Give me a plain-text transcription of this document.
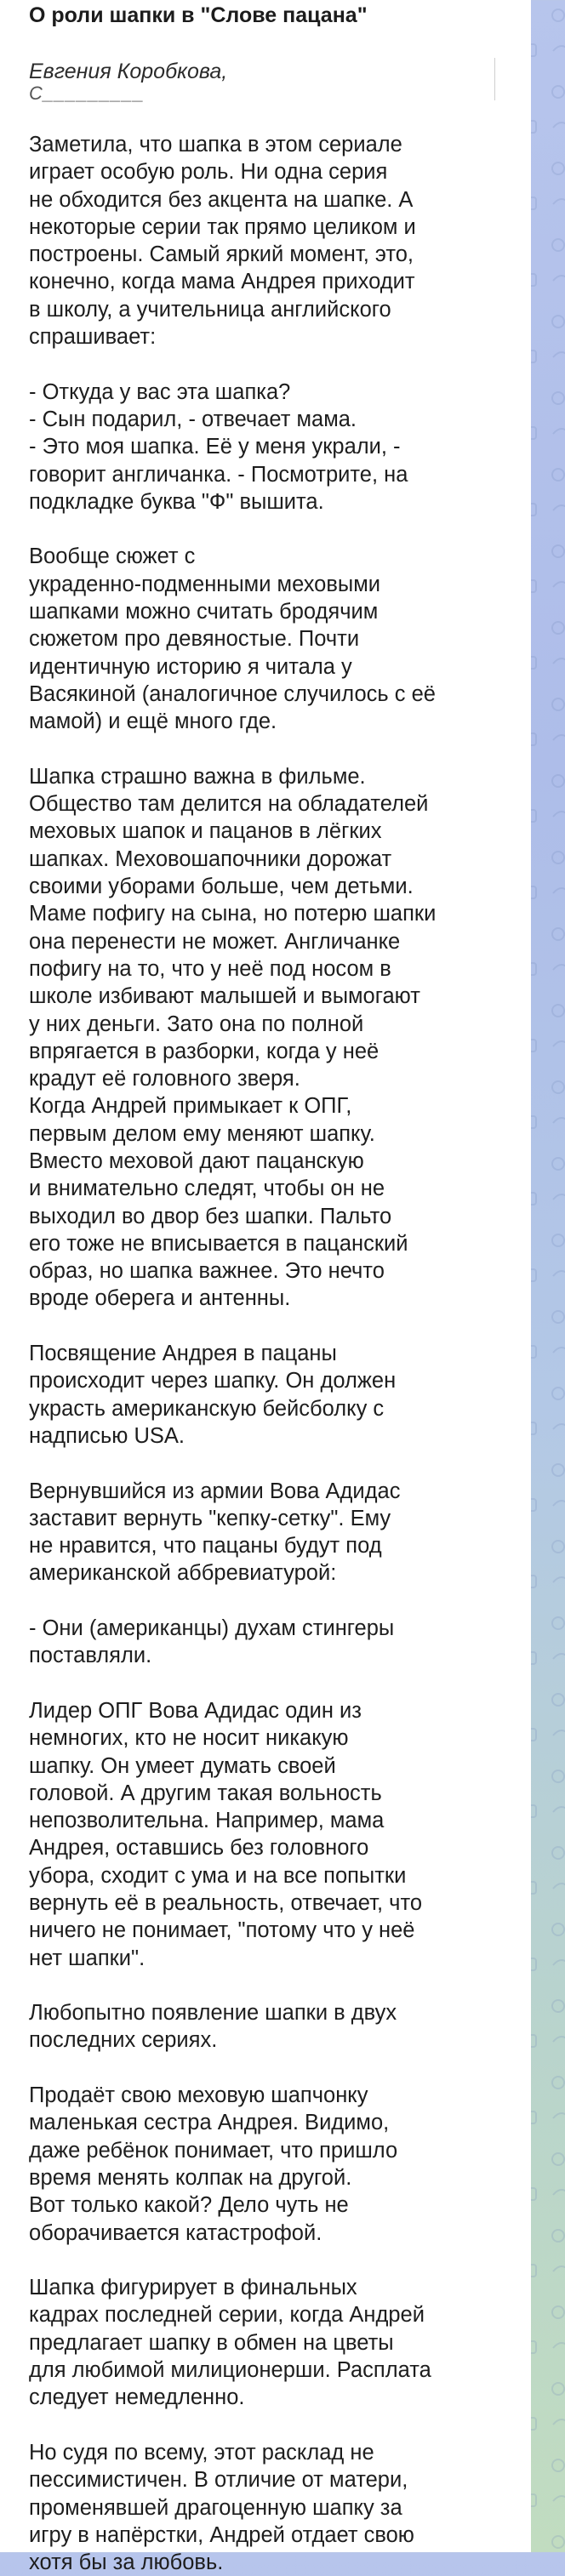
О роли шапки в "Слове пацана"
Евгения Коробкова,
С_________

Заметила, что шапка в этом сериале
играет особую роль. Ни одна серия
не обходится без акцента на шапке. А
некоторые серии так прямо целиком и
построены. Самый яркий момент, это,
конечно, когда мама Андрея приходит
в школу, а учительница английского
спрашивает:

- Откуда у вас эта шапка?
- Сын подарил, - отвечает мама.
- Это моя шапка. Её у меня украли, -
говорит англичанка. - Посмотрите, на
подкладке буква "Ф" вышита.

Вообще сюжет с
украденно-подменными меховыми
шапками можно считать бродячим
сюжетом про девяностые. Почти
идентичную историю я читала у
Васякиной (аналогичное случилось с её
мамой) и ещё много где.

Шапка страшно важна в фильме.
Общество там делится на обладателей
меховых шапок и пацанов в лёгких
шапках. Меховошапочники дорожат
своими уборами больше, чем детьми.
Маме пофигу на сына, но потерю шапки
она перенести не может. Англичанке
пофигу на то, что у неё под носом в
школе избивают малышей и вымогают
у них деньги. Зато она по полной
впрягается в разборки, когда у неё
крадут её головного зверя.
Когда Андрей примыкает к ОПГ,
первым делом ему меняют шапку.
Вместо меховой дают пацанскую
и внимательно следят, чтобы он не
выходил во двор без шапки. Пальто
его тоже не вписывается в пацанский
образ, но шапка важнее. Это нечто
вроде оберега и антенны.

Посвящение Андрея в пацаны
происходит через шапку. Он должен
украсть американскую бейсболку с
надписью USA.

Вернувшийся из армии Вова Адидас
заставит вернуть "кепку-сетку". Ему
не нравится, что пацаны будут под
американской аббревиатурой:

- Они (американцы) духам стингеры
поставляли.

Лидер ОПГ Вова Адидас один из
немногих, кто не носит никакую
шапку. Он умеет думать своей
головой. А другим такая вольность
непозволительна. Например, мама
Андрея, оставшись без головного
убора, сходит с ума и на все попытки
вернуть её в реальность, отвечает, что
ничего не понимает, "потому что у неё
нет шапки".

Любопытно появление шапки в двух
последних сериях.

Продаёт свою меховую шапчонку
маленькая сестра Андрея. Видимо,
даже ребёнок понимает, что пришло
время менять колпак на другой.
Вот только какой? Дело чуть не
оборачивается катастрофой.

Шапка фигурирует в финальных
кадрах последней серии, когда Андрей
предлагает шапку в обмен на цветы
для любимой милиционерши. Расплата
следует немедленно.

Но судя по всему, этот расклад не
пессимистичен. В отличие от матери,
променявшей драгоценную шапку за
игру в напёрстки, Андрей отдает свою
хотя бы за любовь.
